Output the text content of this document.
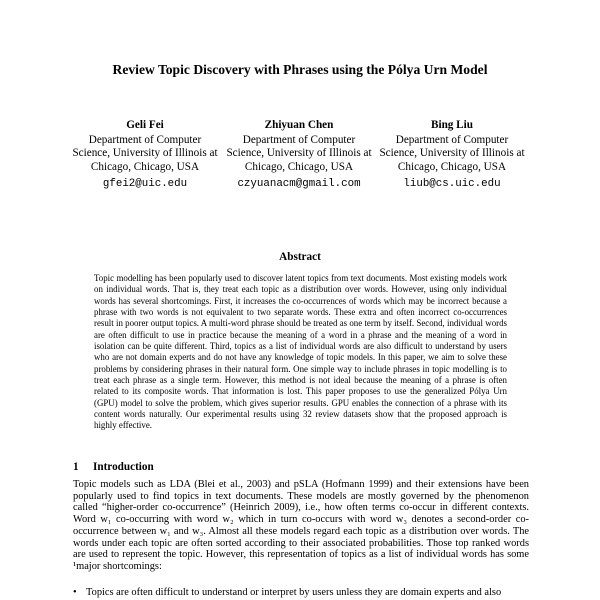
Review Topic Discovery with Phrases using the Pólya Urn Model
Geli Fei
Department of Computer Science, University of Illinois at Chicago, Chicago, USA
gfei2@uic.edu
Zhiyuan Chen
Department of Computer Science, University of Illinois at Chicago, Chicago, USA
czyuanacm@gmail.com
Bing Liu
Department of Computer Science, University of Illinois at Chicago, Chicago, USA
liub@cs.uic.edu
Abstract
Topic modelling has been popularly used to discover latent topics from text documents. Most existing models work on individual words. That is, they treat each topic as a distribution over words. However, using only individual words has several shortcomings. First, it increases the co-occurrences of words which may be incorrect because a phrase with two words is not equivalent to two separate words. These extra and often incorrect co-occurrences result in poorer output topics. A multi-word phrase should be treated as one term by itself. Second, individual words are often difficult to use in practice because the meaning of a word in a phrase and the meaning of a word in isolation can be quite different. Third, topics as a list of individual words are also difficult to understand by users who are not domain experts and do not have any knowledge of topic models. In this paper, we aim to solve these problems by considering phrases in their natural form. One simple way to include phrases in topic modelling is to treat each phrase as a single term. However, this method is not ideal because the meaning of a phrase is often related to its composite words. That information is lost. This paper proposes to use the generalized Pólya Urn (GPU) model to solve the problem, which gives superior results. GPU enables the connection of a phrase with its content words naturally. Our experimental results using 32 review datasets show that the proposed approach is highly effective.
1 Introduction
Topic models such as LDA (Blei et al., 2003) and pSLA (Hofmann 1999) and their extensions have been popularly used to find topics in text documents. These models are mostly governed by the phenomenon called “higher-order co-occurrence” (Heinrich 2009), i.e., how often terms co-occur in different contexts. Word w₁ co-occurring with word w₂ which in turn co-occurs with word w₃ denotes a second-order co-occurrence between w₁ and w₃. Almost all these models regard each topic as a distribution over words. The words under each topic are often sorted according to their associated probabilities. Those top ranked words are used to represent the topic. However, this representation of topics as a list of individual words has some ¹major shortcomings:
• Topics are often difficult to understand or interpret by users unless they are domain experts and also
